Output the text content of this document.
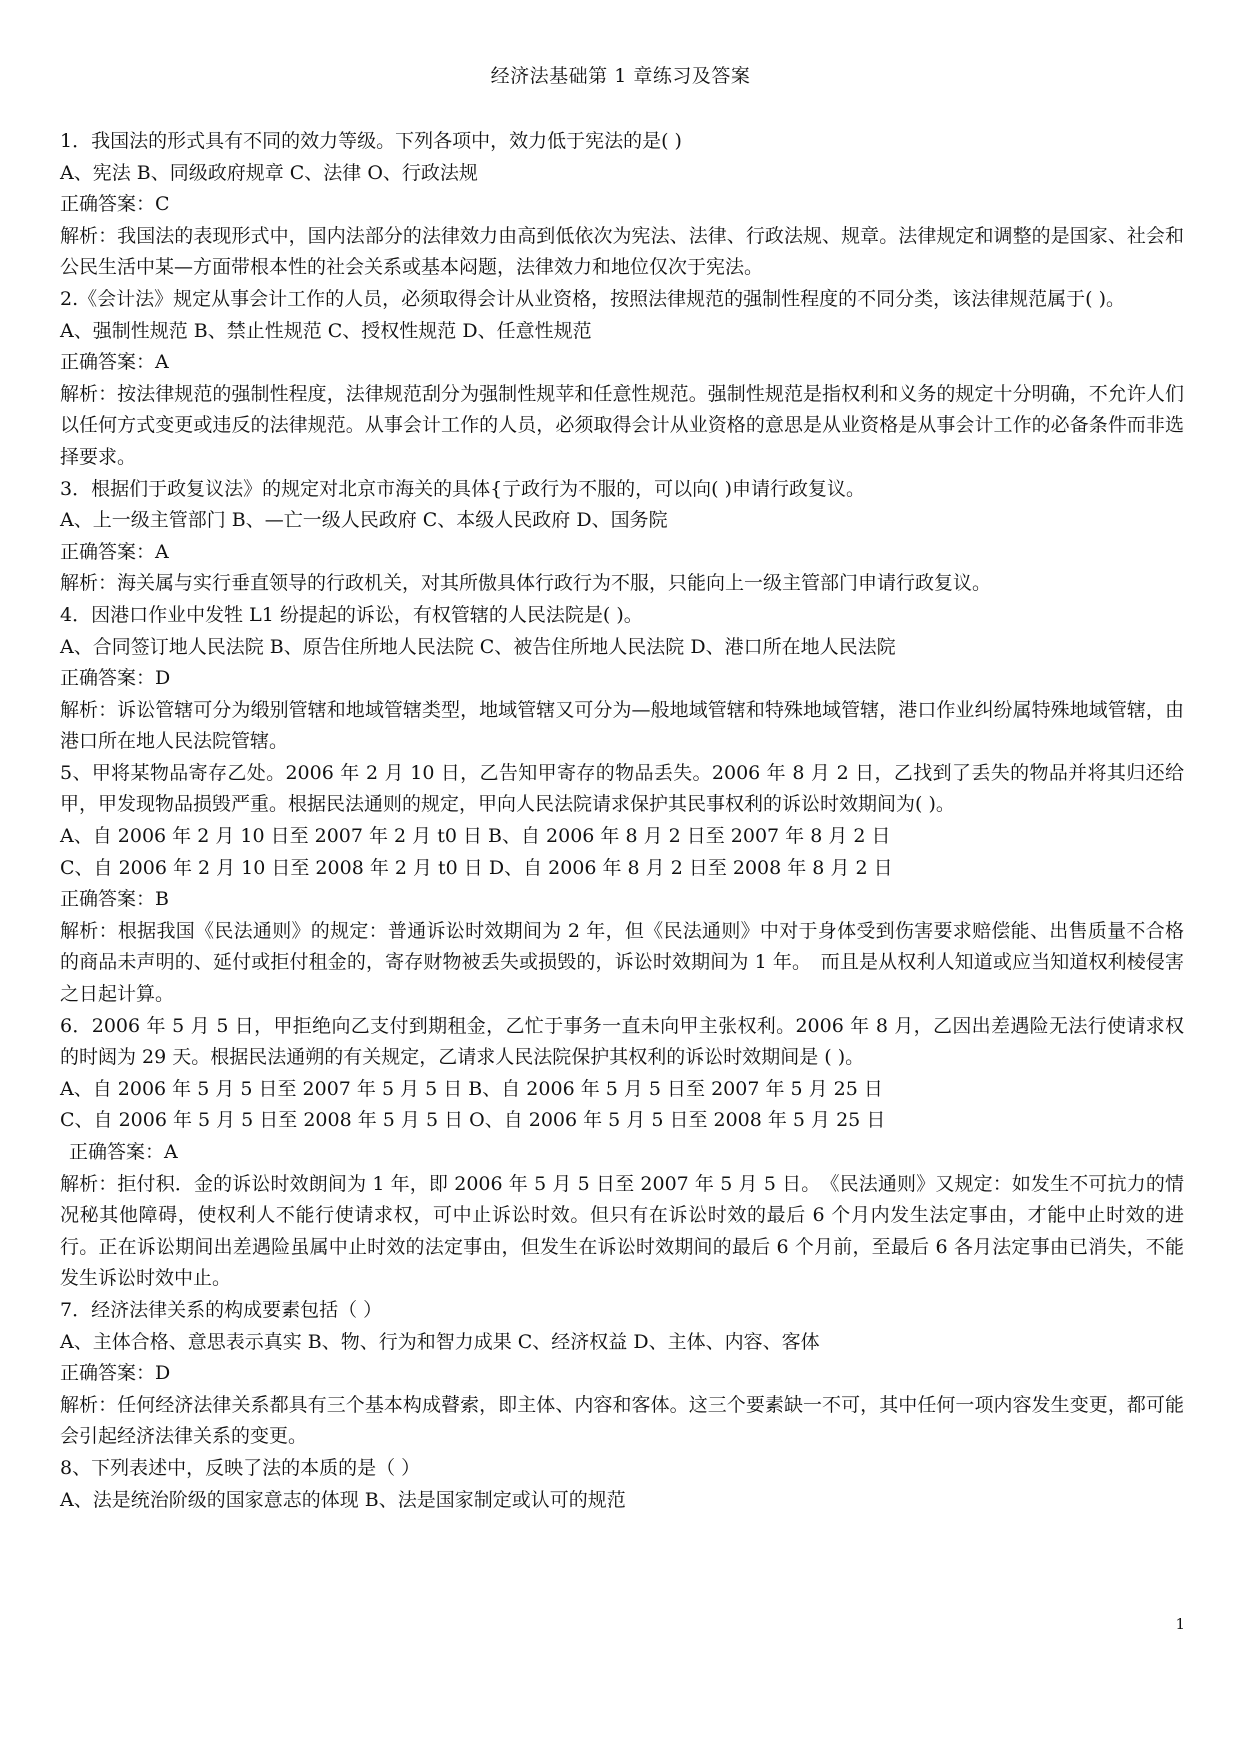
经济法基础第 1 章练习及答案

1．我国法的形式具有不同的效力等级。下列各项中，效力低于宪法的是( )

A、宪法 B、同级政府规章 C、法律 O、行政法规

正确答案：C

解析：我国法的表现形式中，国内法部分的法律效力由高到低依次为宪法、法律、行政法规、规章。法律规定和调整的是国家、社会和公民生活中某—方面带根本性的社会关系或基本闷题，法律效力和地位仅次于宪法。

2.《会计法》规定从事会计工作的人员，必须取得会计从业资格，按照法律规范的强制性程度的不同分类，该法律规范属于( )。

A、强制性规范 B、禁止性规范 C、授权性规范 D、任意性规范

正确答案：A

解析：按法律规范的强制性程度，法律规范刮分为强制性规苹和任意性规范。强制性规范是指权利和义务的规定十分明确，不允许人们以任何方式变更或违反的法律规范。从事会计工作的人员，必须取得会计从业资格的意思是从业资格是从事会计工作的必备条件而非选择要求。

3．根据们于政复议法》的规定对北京市海关的具体{亍政行为不服的，可以向( )申请行政复议。

A、上一级主管部门 B、—亡一级人民政府 C、本级人民政府 D、国务院

正确答案：A

解析：海关属与实行垂直领导的行政机关，对其所傲具体行政行为不服，只能向上一级主管部门申请行政复议。

4．因港口作业中发牲 L1 纷提起的诉讼，有权管辖的人民法院是( )。

A、合同签订地人民法院 B、原告住所地人民法院 C、被告住所地人民法院 D、港口所在地人民法院

正确答案：D

解析：诉讼管辖可分为缎别管辖和地域管辖类型，地域管辖又可分为—般地域管辖和特殊地域管辖，港口作业纠纷属特殊地域管辖，由港口所在地人民法院管辖。

5、甲将某物品寄存乙处。2006 年 2 月 10 日，乙告知甲寄存的物品丢失。2006 年 8 月 2 日，乙找到了丢失的物品并将其归还给甲，甲发现物品损毁严重。根据民法通则的规定，甲向人民法院请求保护其民事权利的诉讼时效期间为( )。

A、自 2006 年 2 月 10 日至 2007 年 2 月 t0 日 B、自 2006 年 8 月 2 日至 2007 年 8 月 2 日

C、自 2006 年 2 月 10 日至 2008 年 2 月 t0 日 D、自 2006 年 8 月 2 日至 2008 年 8 月 2 日

正确答案：B

解析：根据我国《民法通则》的规定：普通诉讼时效期间为 2 年，但《民法通则》中对于身体受到伤害要求赔偿能、出售质量不合格的商品未声明的、延付或拒付租金的，寄存财物被丢失或损毁的，诉讼时效期间为 1 年。　而且是从权利人知道或应当知道权利棱侵害之日起计算。

6．2006 年 5 月 5 日，甲拒绝向乙支付到期租金，乙忙于事务一直未向甲主张权利。2006 年 8 月，乙因出差遇险无法行使请求权的时闼为 29 天。根据民法通朔的有关规定，乙请求人民法院保护其权利的诉讼时效期间是 ( )。

A、自 2006 年 5 月 5 日至 2007 年 5 月 5 日 B、自 2006 年 5 月 5 日至 2007 年 5 月 25 日

C、自 2006 年 5 月 5 日至 2008 年 5 月 5 日 O、自 2006 年 5 月 5 日至 2008 年 5 月 25 日

正确答案：A

解析：拒付积．金的诉讼时效朗间为 1 年，即 2006 年 5 月 5 日至 2007 年 5 月 5 日。　《民法通则》又规定：如发生不可抗力的情况秘其他障碍，使权利人不能行使请求权，可中止诉讼时效。但只有在诉讼时效的最后 6 个月内发生法定事由，才能中止时效的进行。正在诉讼期间出差遇险虽属中止时效的法定事由，但发生在诉讼时效期间的最后 6 个月前，至最后 6 各月法定事由已消失，不能发生诉讼时效中止。

7．经济法律关系的构成要素包括（ ）

A、主体合格、意思表示真实 B、物、行为和智力成果 C、经济权益 D、主体、内容、客体

正确答案：D

解析：任何经济法律关系都具有三个基本构成瞽索，即主体、内容和客体。这三个要素缺一不可，其中任何一项内容发生变更，都可能会引起经济法律关系的变更。

8、下列表述中，反映了法的本质的是（ ）

A、法是统治阶级的国家意志的体现 B、法是国家制定或认可的规范

1
